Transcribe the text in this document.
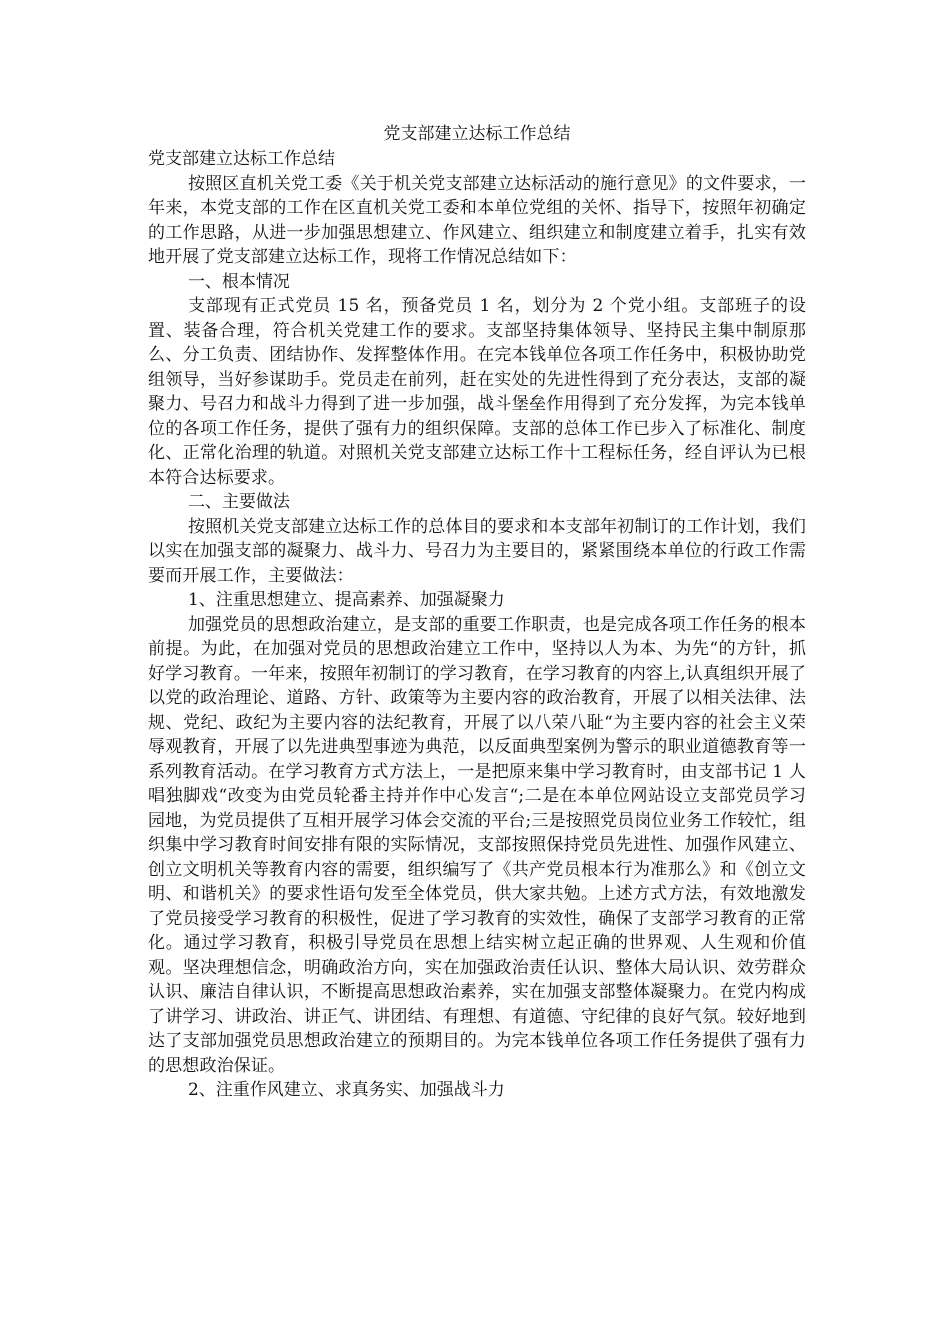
党支部建立达标工作总结

党支部建立达标工作总结

按照区直机关党工委《关于机关党支部建立达标活动的施行意见》的文件要求，一年来，本党支部的工作在区直机关党工委和本单位党组的关怀、指导下，按照年初确定的工作思路，从进一步加强思想建立、作风建立、组织建立和制度建立着手，扎实有效地开展了党支部建立达标工作，现将工作情况总结如下：

一、根本情况

支部现有正式党员 15 名，预备党员 1 名，划分为 2 个党小组。支部班子的设置、装备合理，符合机关党建工作的要求。支部坚持集体领导、坚持民主集中制原那么、分工负责、团结协作、发挥整体作用。在完本钱单位各项工作任务中，积极协助党组领导，当好参谋助手。党员走在前列，赶在实处的先进性得到了充分表达，支部的凝聚力、号召力和战斗力得到了进一步加强，战斗堡垒作用得到了充分发挥，为完本钱单位的各项工作任务，提供了强有力的组织保障。支部的总体工作已步入了标准化、制度化、正常化治理的轨道。对照机关党支部建立达标工作十工程标任务，经自评认为已根本符合达标要求。

二、主要做法

按照机关党支部建立达标工作的总体目的要求和本支部年初制订的工作计划，我们以实在加强支部的凝聚力、战斗力、号召力为主要目的，紧紧围绕本单位的行政工作需要而开展工作，主要做法：

1、注重思想建立、提高素养、加强凝聚力

加强党员的思想政治建立，是支部的重要工作职责，也是完成各项工作任务的根本前提。为此，在加强对党员的思想政治建立工作中，坚持以人为本、为先“的方针，抓好学习教育。一年来，按照年初制订的学习教育，在学习教育的内容上,认真组织开展了以党的政治理论、道路、方针、政策等为主要内容的政治教育，开展了以相关法律、法规、党纪、政纪为主要内容的法纪教育，开展了以八荣八耻“为主要内容的社会主义荣辱观教育，开展了以先进典型事迹为典范，以反面典型案例为警示的职业道德教育等一系列教育活动。在学习教育方式方法上，一是把原来集中学习教育时，由支部书记 1 人唱独脚戏“改变为由党员轮番主持并作中心发言“;二是在本单位网站设立支部党员学习园地，为党员提供了互相开展学习体会交流的平台;三是按照党员岗位业务工作较忙，组织集中学习教育时间安排有限的实际情况，支部按照保持党员先进性、加强作风建立、创立文明机关等教育内容的需要，组织编写了《共产党员根本行为准那么》和《创立文明、和谐机关》的要求性语句发至全体党员，供大家共勉。上述方式方法，有效地激发了党员接受学习教育的积极性，促进了学习教育的实效性，确保了支部学习教育的正常化。通过学习教育，积极引导党员在思想上结实树立起正确的世界观、人生观和价值观。坚决理想信念，明确政治方向，实在加强政治责任认识、整体大局认识、效劳群众认识、廉洁自律认识，不断提高思想政治素养，实在加强支部整体凝聚力。在党内构成了讲学习、讲政治、讲正气、讲团结、有理想、有道德、守纪律的良好气氛。较好地到达了支部加强党员思想政治建立的预期目的。为完本钱单位各项工作任务提供了强有力的思想政治保证。

2、注重作风建立、求真务实、加强战斗力
